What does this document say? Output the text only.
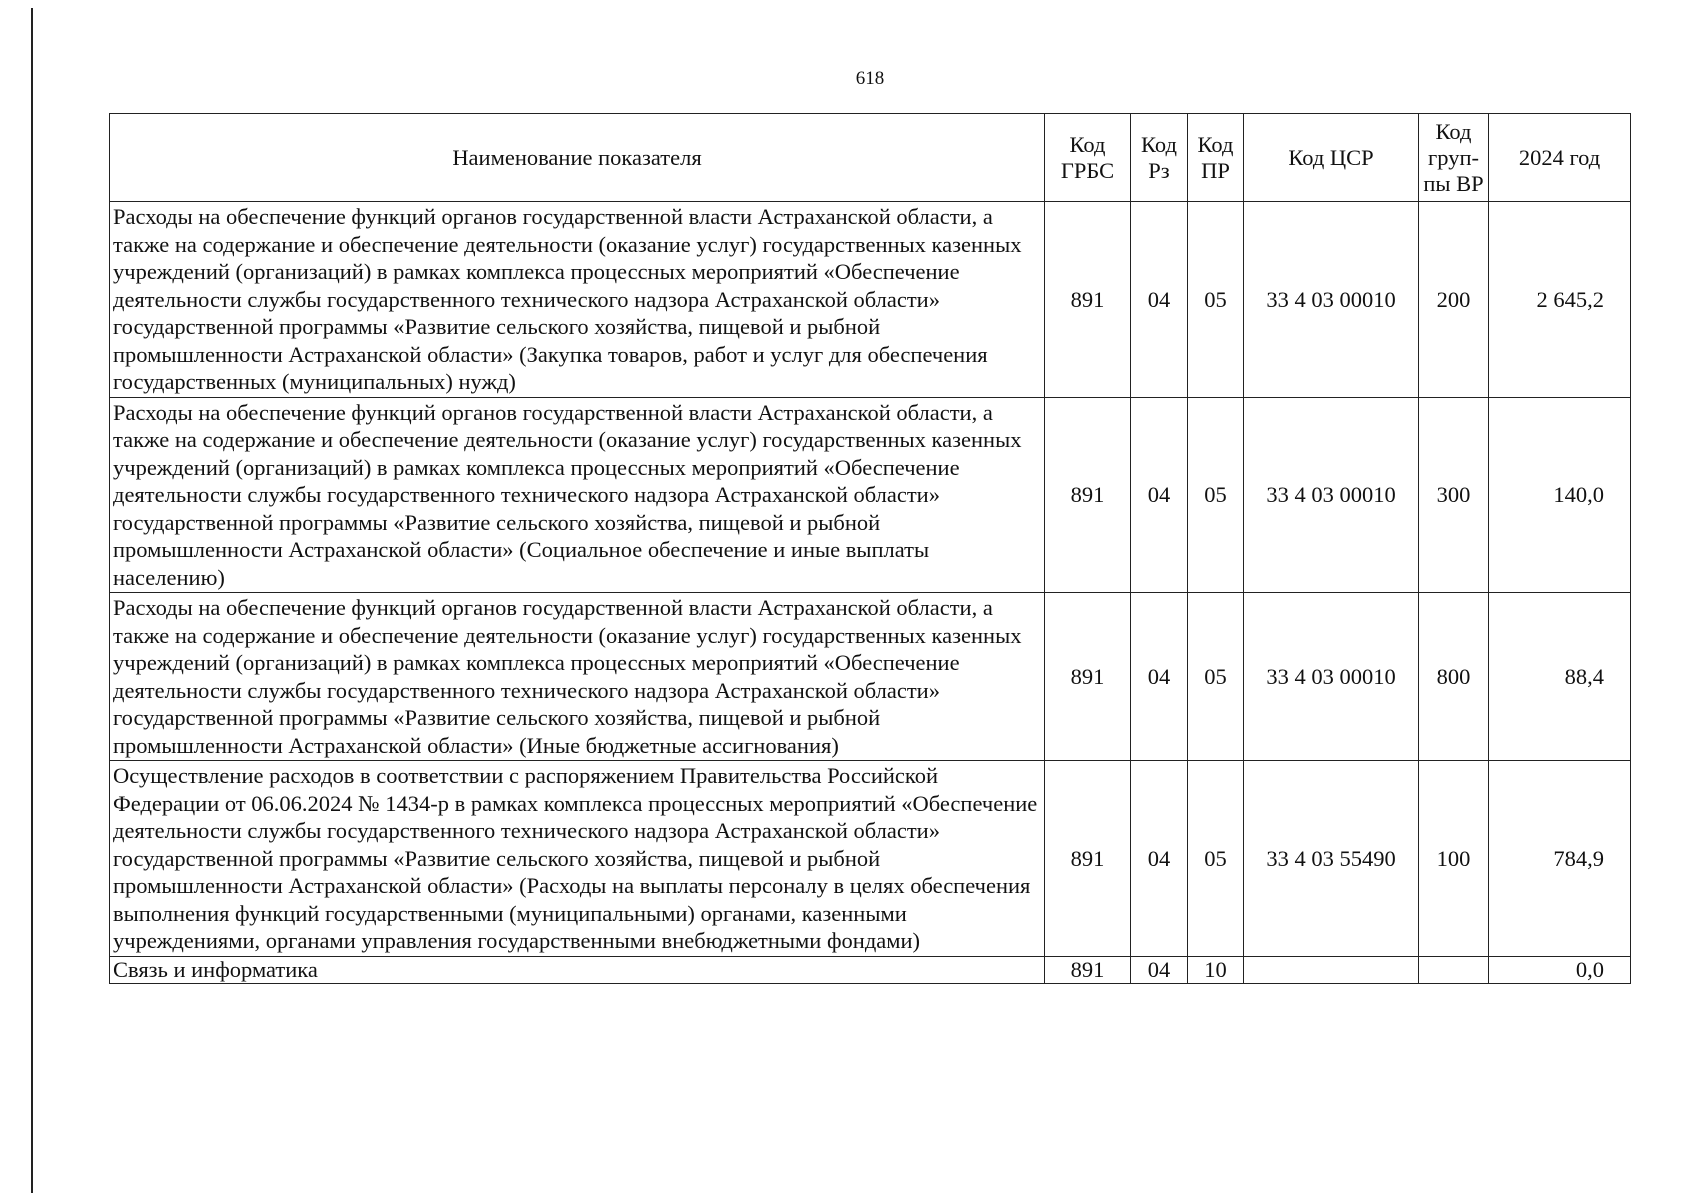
618
Наименование показателя	Код ГРБС	Код Рз	Код ПР	Код ЦСР	Код груп-пы ВР	2024 год
Расходы на обеспечение функций органов государственной власти Астраханской области, а также на содержание и обеспечение деятельности (оказание услуг) государственных казенных учреждений (организаций) в рамках комплекса процессных мероприятий «Обеспечение деятельности службы государственного технического надзора Астраханской области» государственной программы «Развитие сельского хозяйства, пищевой и рыбной промышленности Астраханской области» (Закупка товаров, работ и услуг для обеспечения государственных (муниципальных) нужд)	891	04	05	33 4 03 00010	200	2 645,2
Расходы на обеспечение функций органов государственной власти Астраханской области, а также на содержание и обеспечение деятельности (оказание услуг) государственных казенных учреждений (организаций) в рамках комплекса процессных мероприятий «Обеспечение деятельности службы государственного технического надзора Астраханской области» государственной программы «Развитие сельского хозяйства, пищевой и рыбной промышленности Астраханской области» (Социальное обеспечение и иные выплаты населению)	891	04	05	33 4 03 00010	300	140,0
Расходы на обеспечение функций органов государственной власти Астраханской области, а также на содержание и обеспечение деятельности (оказание услуг) государственных казенных учреждений (организаций) в рамках комплекса процессных мероприятий «Обеспечение деятельности службы государственного технического надзора Астраханской области» государственной программы «Развитие сельского хозяйства, пищевой и рыбной промышленности Астраханской области» (Иные бюджетные ассигнования)	891	04	05	33 4 03 00010	800	88,4
Осуществление расходов в соответствии с распоряжением Правительства Российской Федерации от 06.06.2024 № 1434-р в рамках комплекса процессных мероприятий «Обеспечение деятельности службы государственного технического надзора Астраханской области» государственной программы «Развитие сельского хозяйства, пищевой и рыбной промышленности Астраханской области» (Расходы на выплаты персоналу в целях обеспечения выполнения функций государственными (муниципальными) органами, казенными учреждениями, органами управления государственными внебюджетными фондами)	891	04	05	33 4 03 55490	100	784,9
Связь и информатика	891	04	10			0,0
